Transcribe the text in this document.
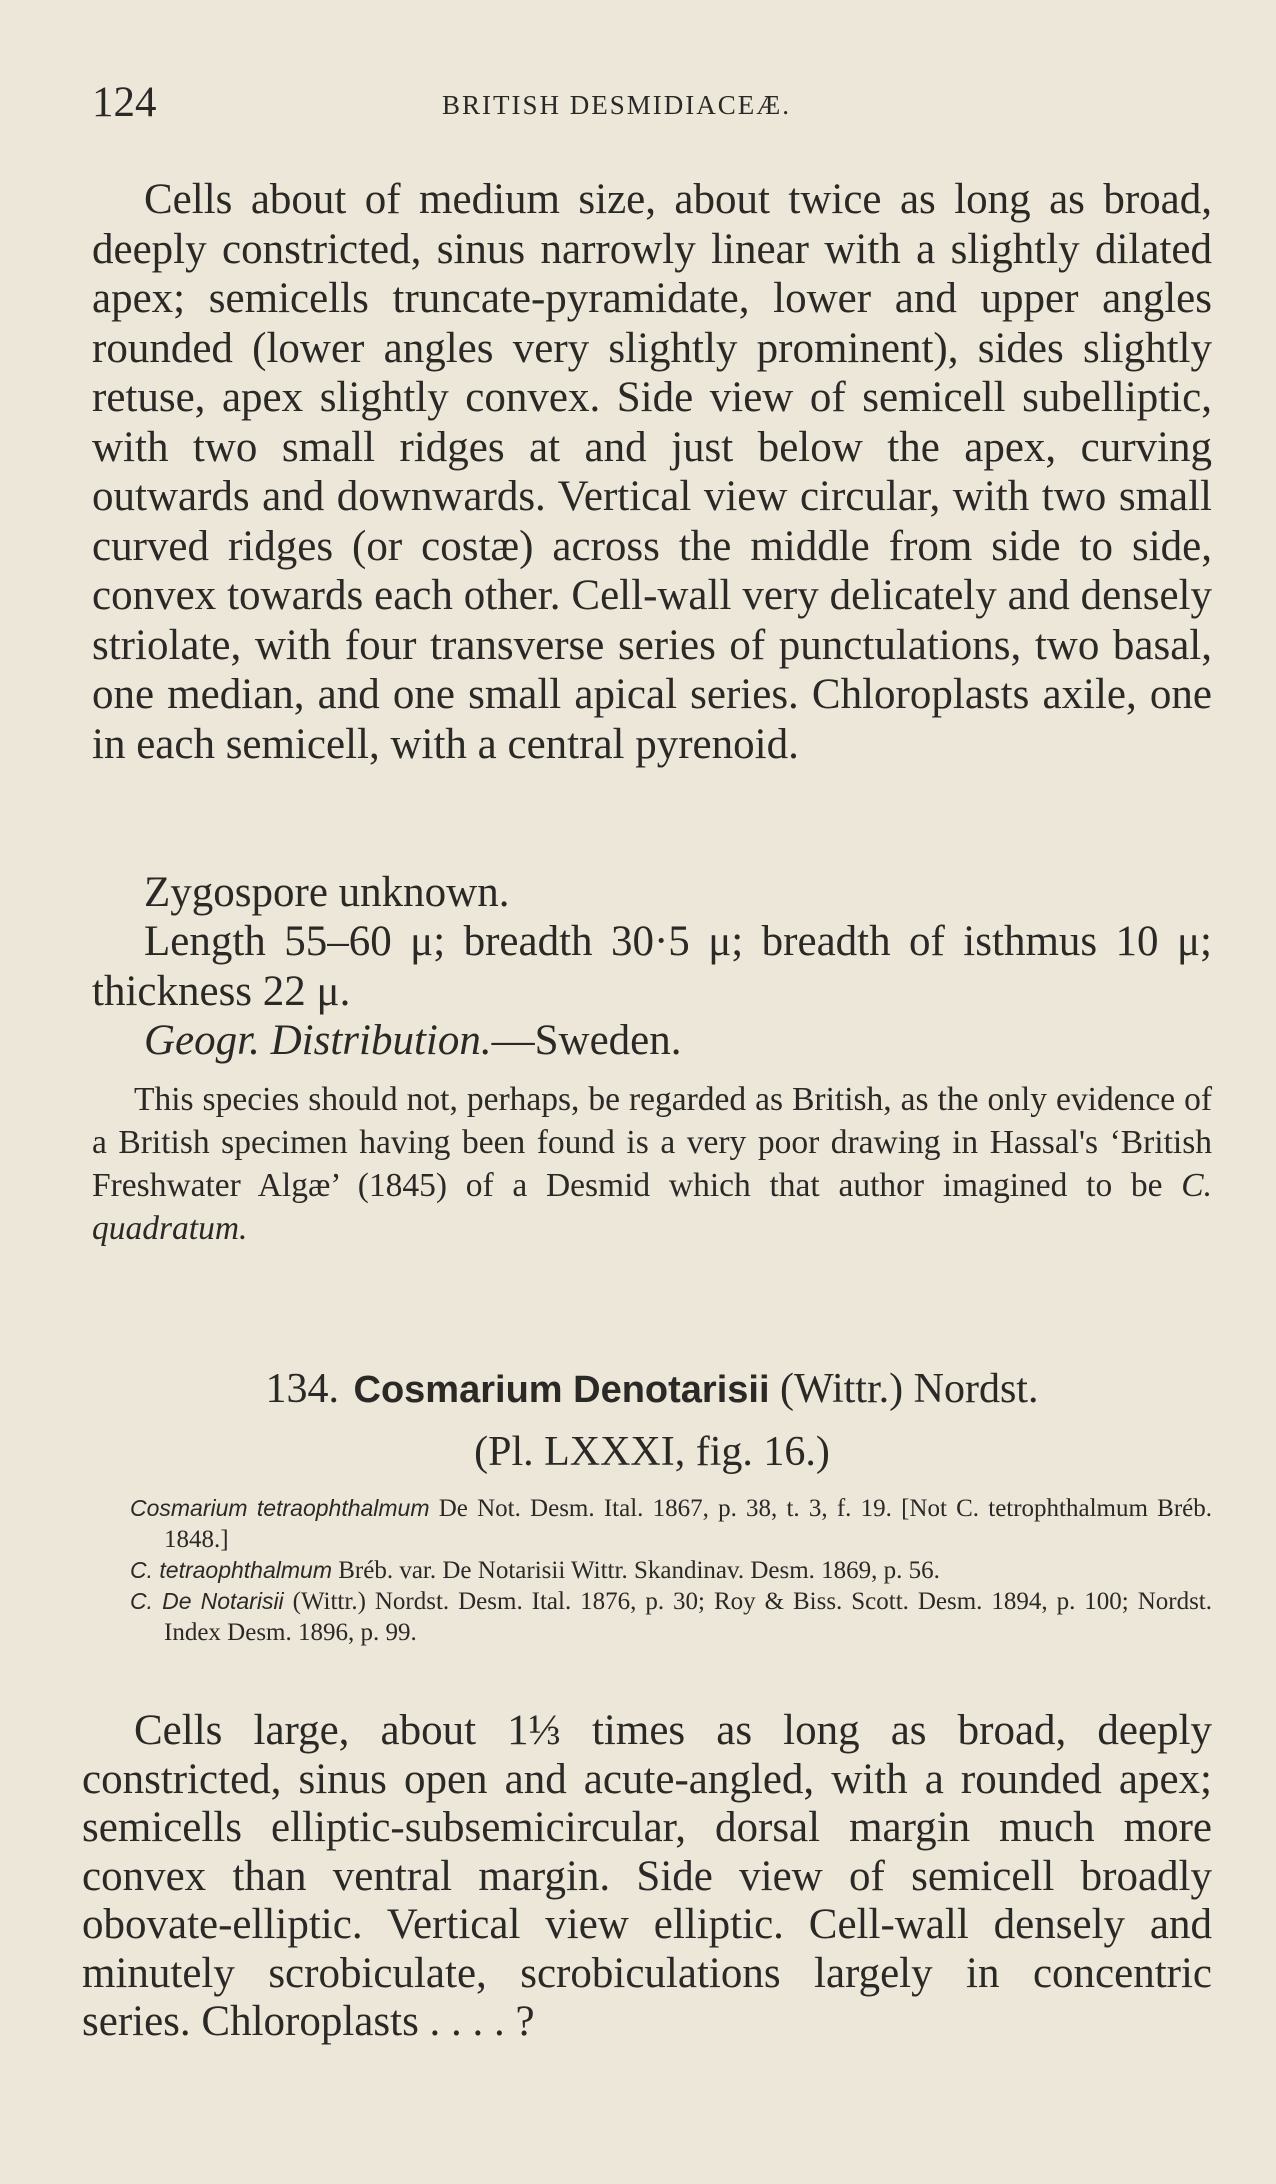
124	BRITISH DESMIDIACEÆ.

Cells about of medium size, about twice as long as broad, deeply constricted, sinus narrowly linear with a slightly dilated apex; semicells truncate-pyramidate, lower and upper angles rounded (lower angles very slightly prominent), sides slightly retuse, apex slightly convex. Side view of semicell subelliptic, with two small ridges at and just below the apex, curving outwards and downwards. Vertical view circular, with two small curved ridges (or costæ) across the middle from side to side, convex towards each other. Cell-wall very delicately and densely striolate, with four transverse series of punctulations, two basal, one median, and one small apical series. Chloroplasts axile, one in each semicell, with a central pyrenoid.

Zygospore unknown.

Length 55–60 μ; breadth 30·5 μ; breadth of isthmus 10 μ; thickness 22 μ.

Geogr. Distribution.—Sweden.

This species should not, perhaps, be regarded as British, as the only evidence of a British specimen having been found is a very poor drawing in Hassal's ‘British Freshwater Algæ’ (1845) of a Desmid which that author imagined to be C. quadratum.

134. Cosmarium Denotarisii (Wittr.) Nordst.
(Pl. LXXXI, fig. 16.)
Cosmarium tetraophthalmum De Not. Desm. Ital. 1867, p. 38, t. 3, f. 19. [Not C. tetrophthalmum Bréb. 1848.]
C. tetraophthalmum Bréb. var. De Notarisii Wittr. Skandinav. Desm. 1869, p. 56.
C. De Notarisii (Wittr.) Nordst. Desm. Ital. 1876, p. 30; Roy & Biss. Scott. Desm. 1894, p. 100; Nordst. Index Desm. 1896, p. 99.

Cells large, about 1⅓ times as long as broad, deeply constricted, sinus open and acute-angled, with a rounded apex; semicells elliptic-subsemicircular, dorsal margin much more convex than ventral margin. Side view of semicell broadly obovate-elliptic. Vertical view elliptic. Cell-wall densely and minutely scrobiculate, scrobiculations largely in concentric series. Chloroplasts . . . . ?
